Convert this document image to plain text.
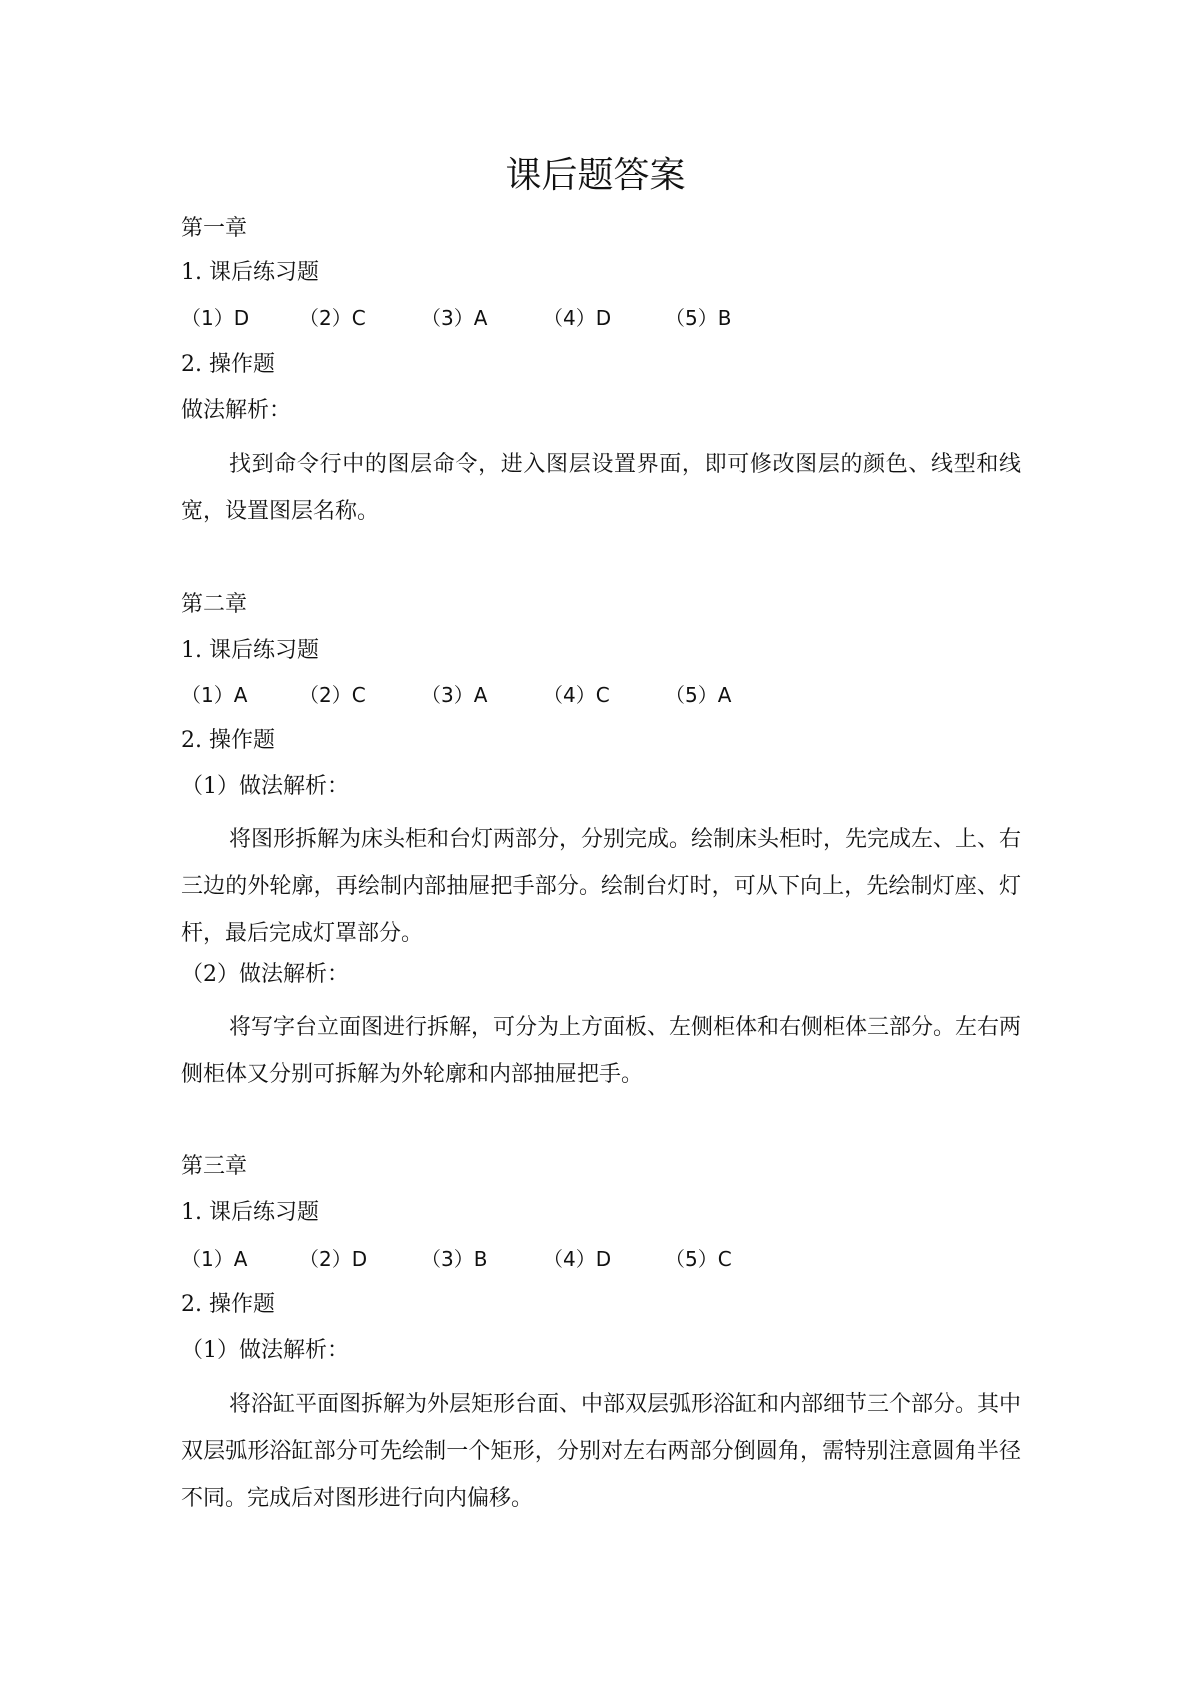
课后题答案
第一章
1. 课后练习题
（1）D （2）C	（3）A	（4）D	（5）B
2. 操作题
做法解析：

找到命令行中的图层命令，进入图层设置界面，即可修改图层的颜色、线型和线宽，设置图层名称。

第二章
1. 课后练习题
（1）A	（2）C	（3）A	（4）C	（5）A
2. 操作题
（1）做法解析：

将图形拆解为床头柜和台灯两部分，分别完成。绘制床头柜时，先完成左、上、右三边的外轮廓，再绘制内部抽屉把手部分。绘制台灯时，可从下向上，先绘制灯座、灯杆，最后完成灯罩部分。

（2）做法解析：

将写字台立面图进行拆解，可分为上方面板、左侧柜体和右侧柜体三部分。左右两侧柜体又分别可拆解为外轮廓和内部抽屉把手。

第三章
1. 课后练习题
（1）A	（2）D	（3）B	（4）D	（5）C
2. 操作题
（1）做法解析：

将浴缸平面图拆解为外层矩形台面、中部双层弧形浴缸和内部细节三个部分。其中双层弧形浴缸部分可先绘制一个矩形，分别对左右两部分倒圆角，需特别注意圆角半径不同。完成后对图形进行向内偏移。
